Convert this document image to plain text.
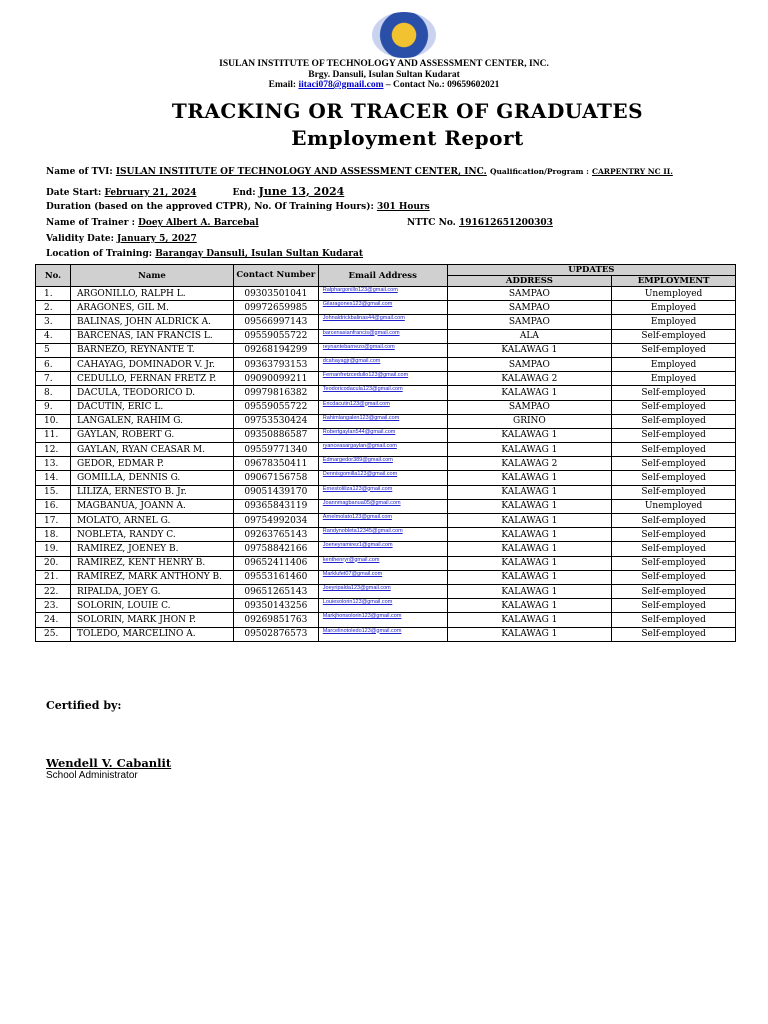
ISULAN INSTITUTE OF TECHNOLOGY AND ASSESSMENT CENTER, INC.
Brgy. Dansuli, Isulan Sultan Kudarat
Email: iitaci078@gmail.com – Contact No.: 09659602021
TRACKING OR TRACER OF GRADUATES
Employment Report
Name of TVI: ISULAN INSTITUTE OF TECHNOLOGY AND ASSESSMENT CENTER, INC. Qualification/Program : CARPENTRY NC II.
Date Start: February 21, 2024	End: June 13, 2024
Duration (based on the approved CTPR), No. Of Training Hours): 301 Hours
Name of Trainer : Doey Albert A. Barcebal	NTTC No. 191612651200303
Validity Date: January 5, 2027
Location of Training: Barangay Dansuli, Isulan Sultan Kudarat
No.	Name	Contact Number	Email Address	UPDATES	
				ADDRESS	EMPLOYMENT
1.	ARGONILLO, RALPH L.	09303501041	Ralphargonillo123@gmail.com	SAMPAO	Unemployed
2.	ARAGONES, GIL M.	09972659985	Gilaragones123@gmail.com	SAMPAO	Employed
3.	BALINAS, JOHN ALDRICK A.	09566997143	Johnaldrickbalinas44@gmail.com	SAMPAO	Employed
4.	BARCENAS, IAN FRANCIS L.	09559055722	barcenasianfrancis@gmail.com	ALA	Self-employed
5	BARNEZO, REYNANTE T.	09268194299	reynantebarnezo@gmail.com	KALAWAG 1	Self-employed
6.	CAHAYAG, DOMINADOR V. Jr.	09363793153	dcahayagjr@gmail.com	SAMPAO	Employed
7.	CEDULLO, FERNAN FRETZ P.	09090099211	Fernanfretzcedullo123@gmail.com	KALAWAG 2	Employed
8.	DACULA, TEODORICO D.	09979816382	Teodoricodacula123@gmail.com	KALAWAG 1	Self-employed
9.	DACUTIN, ERIC L.	09559055722	Ericdacutin123@gmail.com	SAMPAO	Self-employed
10.	LANGALEN, RAHIM G.	09753530424	Rahimlangalen123@gmail.com	GRINO	Self-employed
11.	GAYLAN, ROBERT G.	09350886587	Robertgaylan544@gmail.com	KALAWAG 1	Self-employed
12.	GAYLAN, RYAN CEASAR M.	09559771340	ryanceasargaylan@gmail.com	KALAWAG 1	Self-employed
13.	GEDOR, EDMAR P.	09678350411	Edmargedor389@gmail.com	KALAWAG 2	Self-employed
14.	GOMILLA, DENNIS G.	09067156758	Dennisgomilla123@gmail.com	KALAWAG 1	Self-employed
15.	LILIZA, ERNESTO B. Jr.	09051439170	Ernestoliliza123@gmail.com	KALAWAG 1	Self-employed
16.	MAGBANUA, JOANN A.	09365843119	Joannmagbanua05@gmail.com	KALAWAG 1	Unemployed
17.	MOLATO, ARNEL G.	09754992034	Arnelmolato123@gmail.com	KALAWAG 1	Self-employed
18.	NOBLETA, RANDY C.	09263765143	Randynobleta12345@gmail.com	KALAWAG 1	Self-employed
19.	RAMIREZ, JOENEY B.	09758842166	Joeneyramirez1@gmail.com	KALAWAG 1	Self-employed
20.	RAMIREZ, KENT HENRY B.	09652411406	kenthenryr@gmail.com	KALAWAG 1	Self-employed
21.	RAMIREZ, MARK ANTHONY B.	09553161460	Marklufet07@gmail.com	KALAWAG 1	Self-employed
22.	RIPALDA, JOEY G.	09651265143	Joeyripalda123@gmail.com	KALAWAG 1	Self-employed
23.	SOLORIN, LOUIE C.	09350143256	Louiesolorin123@gmail.com	KALAWAG 1	Self-employed
24.	SOLORIN, MARK JHON P.	09269851763	Markjhonsolorin123@gmail.com	KALAWAG 1	Self-employed
25.	TOLEDO, MARCELINO A.	09502876573	Marcelinotoledo123@gmail.com	KALAWAG 1	Self-employed
Certified by:
Wendell V. Cabanlit
School Administrator
